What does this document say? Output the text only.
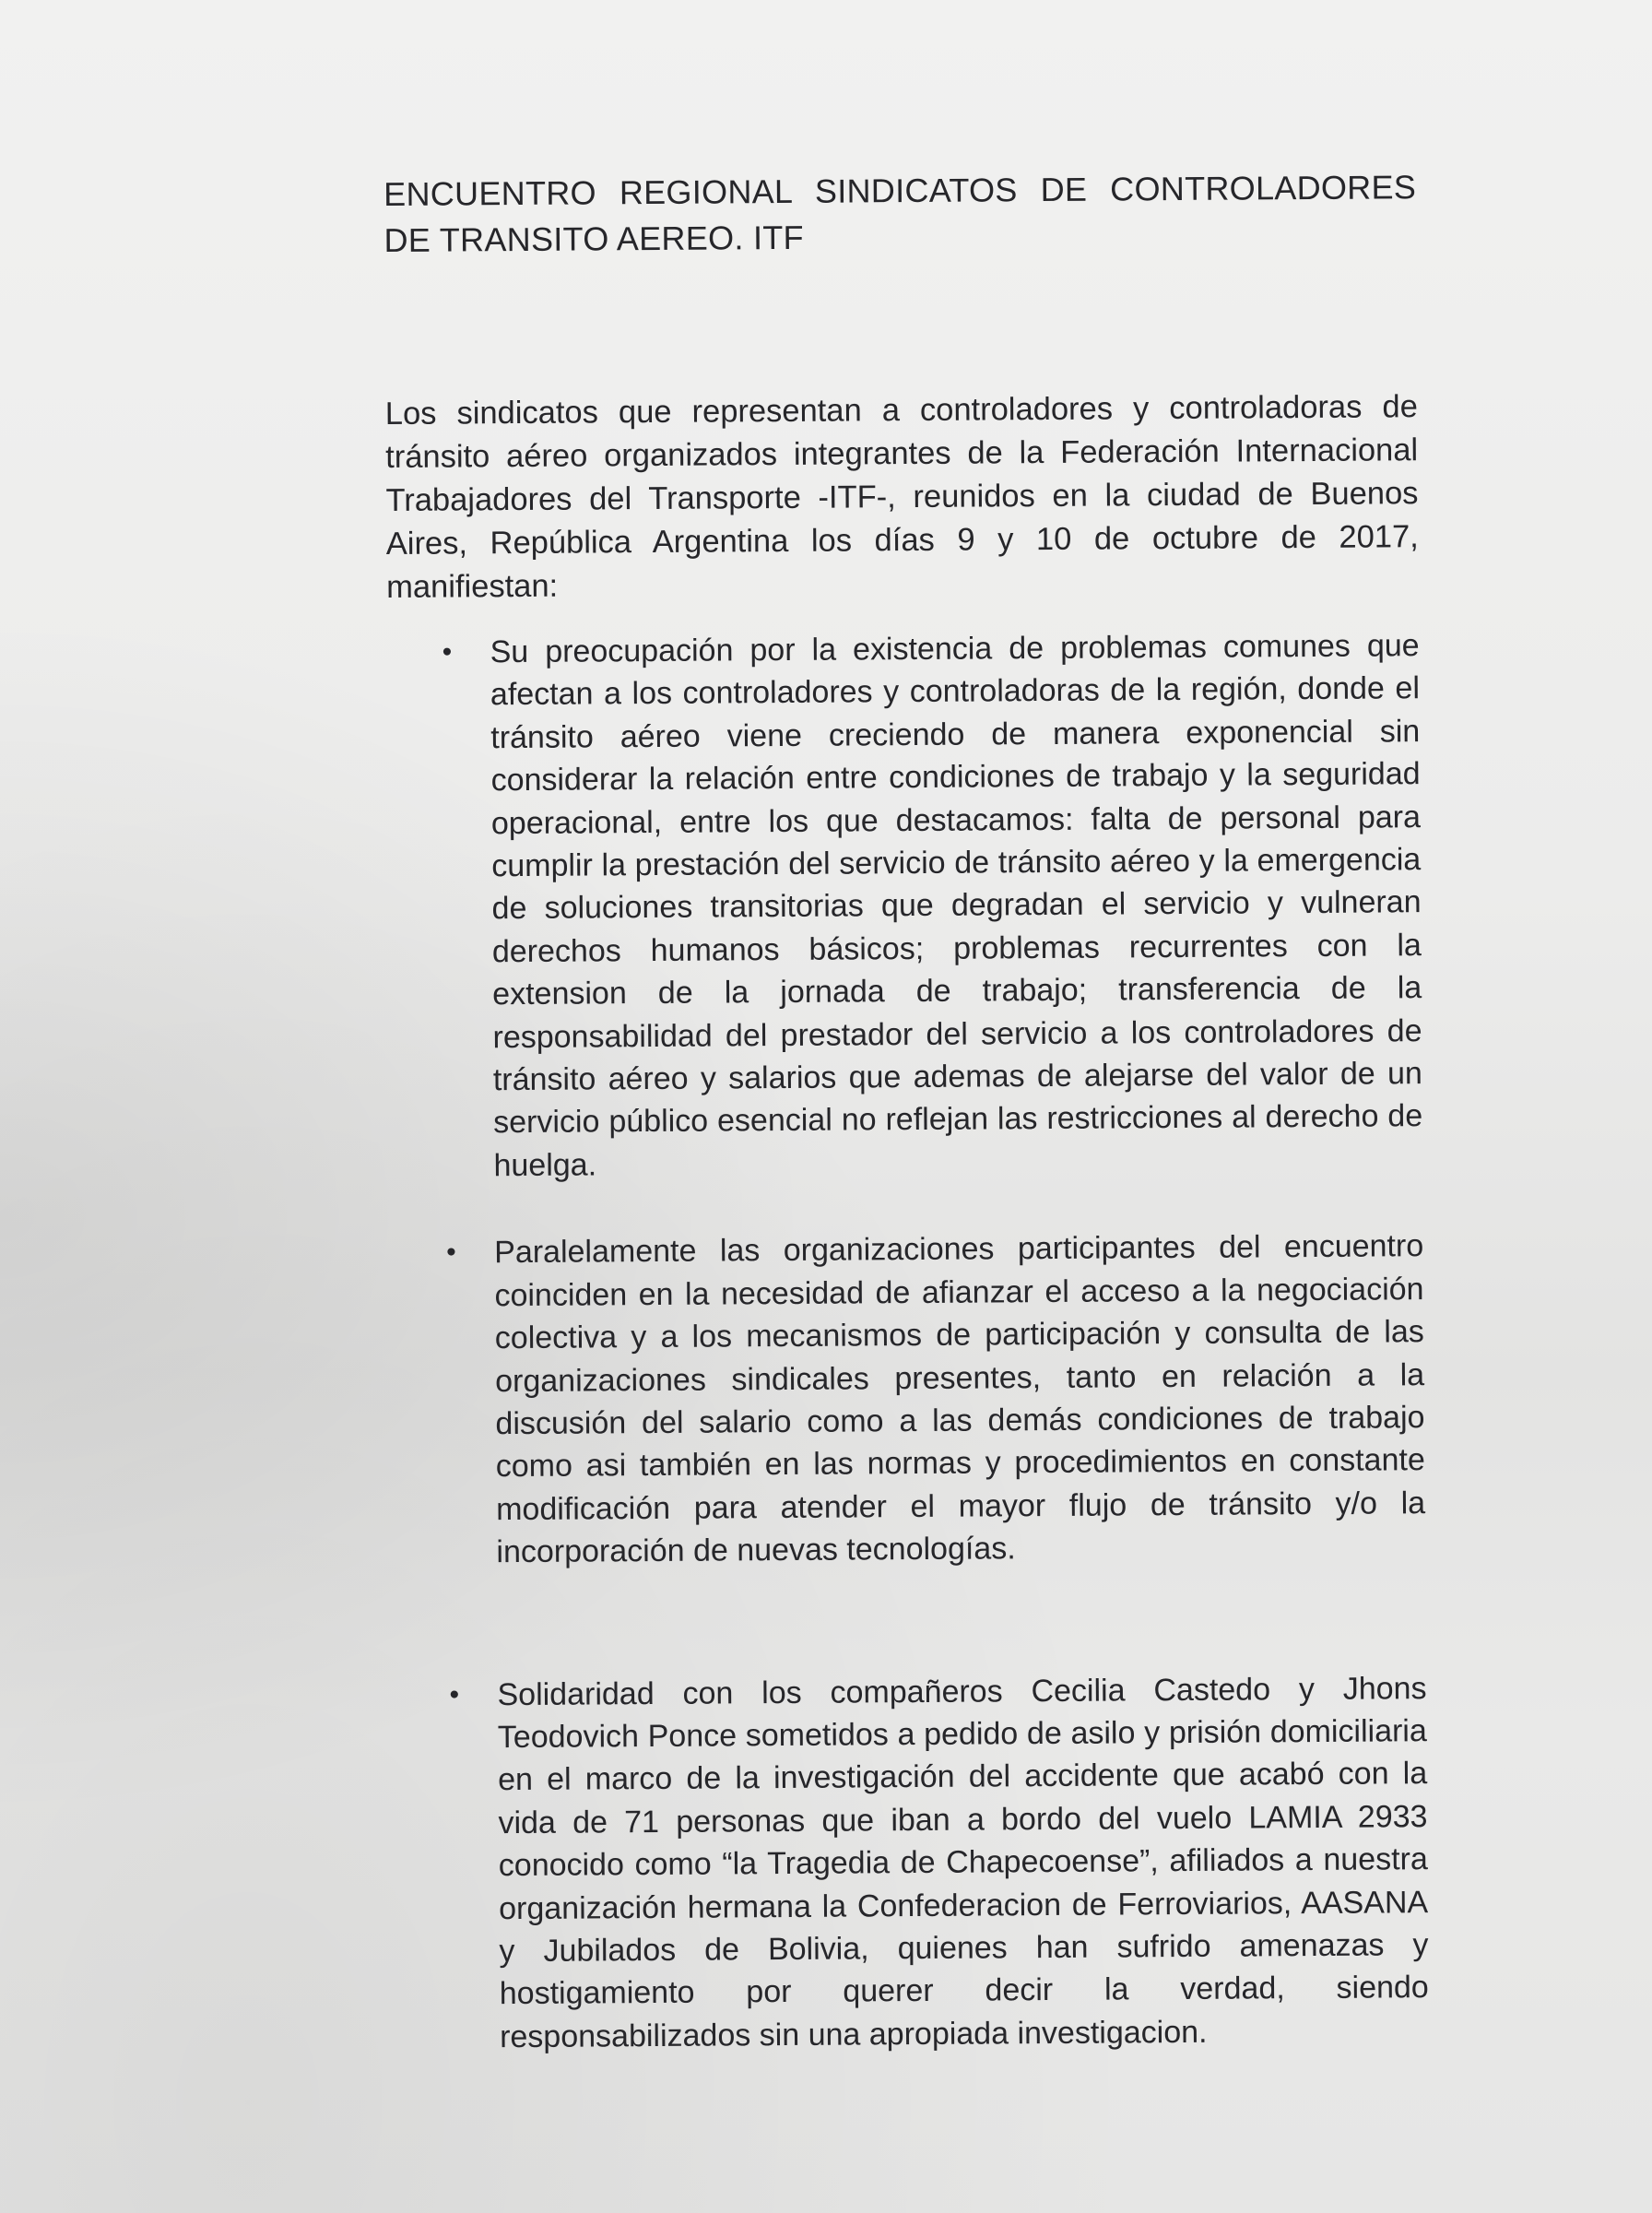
ENCUENTRO REGIONAL SINDICATOS DE CONTROLADORES DE TRANSITO AEREO. ITF

Los sindicatos que representan a controladores y controladoras de tránsito aéreo organizados integrantes de la Federación Internacional Trabajadores del Transporte -ITF-, reunidos en la ciudad de Buenos Aires, República Argentina los días 9 y 10 de octubre de 2017, manifiestan:

• Su preocupación por la existencia de problemas comunes que afectan a los controladores y controladoras de la región, donde el tránsito aéreo viene creciendo de manera exponencial sin considerar la relación entre condiciones de trabajo y la seguridad operacional, entre los que destacamos: falta de personal para cumplir la prestación del servicio de tránsito aéreo y la emergencia de soluciones transitorias que degradan el servicio y vulneran derechos humanos básicos; problemas recurrentes con la extension de la jornada de trabajo; transferencia de la responsabilidad del prestador del servicio a los controladores de tránsito aéreo y salarios que ademas de alejarse del valor de un servicio público esencial no reflejan las restricciones al derecho de huelga.
• Paralelamente las organizaciones participantes del encuentro coinciden en la necesidad de afianzar el acceso a la negociación colectiva y a los mecanismos de participación y consulta de las organizaciones sindicales presentes, tanto en relación a la discusión del salario como a las demás condiciones de trabajo como asi también en las normas y procedimientos en constante modificación para atender el mayor flujo de tránsito y/o la incorporación de nuevas tecnologías.
• Solidaridad con los compañeros Cecilia Castedo y Jhons Teodovich Ponce sometidos a pedido de asilo y prisión domiciliaria en el marco de la investigación del accidente que acabó con la vida de 71 personas que iban a bordo del vuelo LAMIA 2933 conocido como “la Tragedia de Chapecoense”, afiliados a nuestra organización hermana la Confederacion de Ferroviarios, AASANA y Jubilados de Bolivia, quienes han sufrido amenazas y hostigamiento por querer decir la verdad, siendo responsabilizados sin una apropiada investigacion.
